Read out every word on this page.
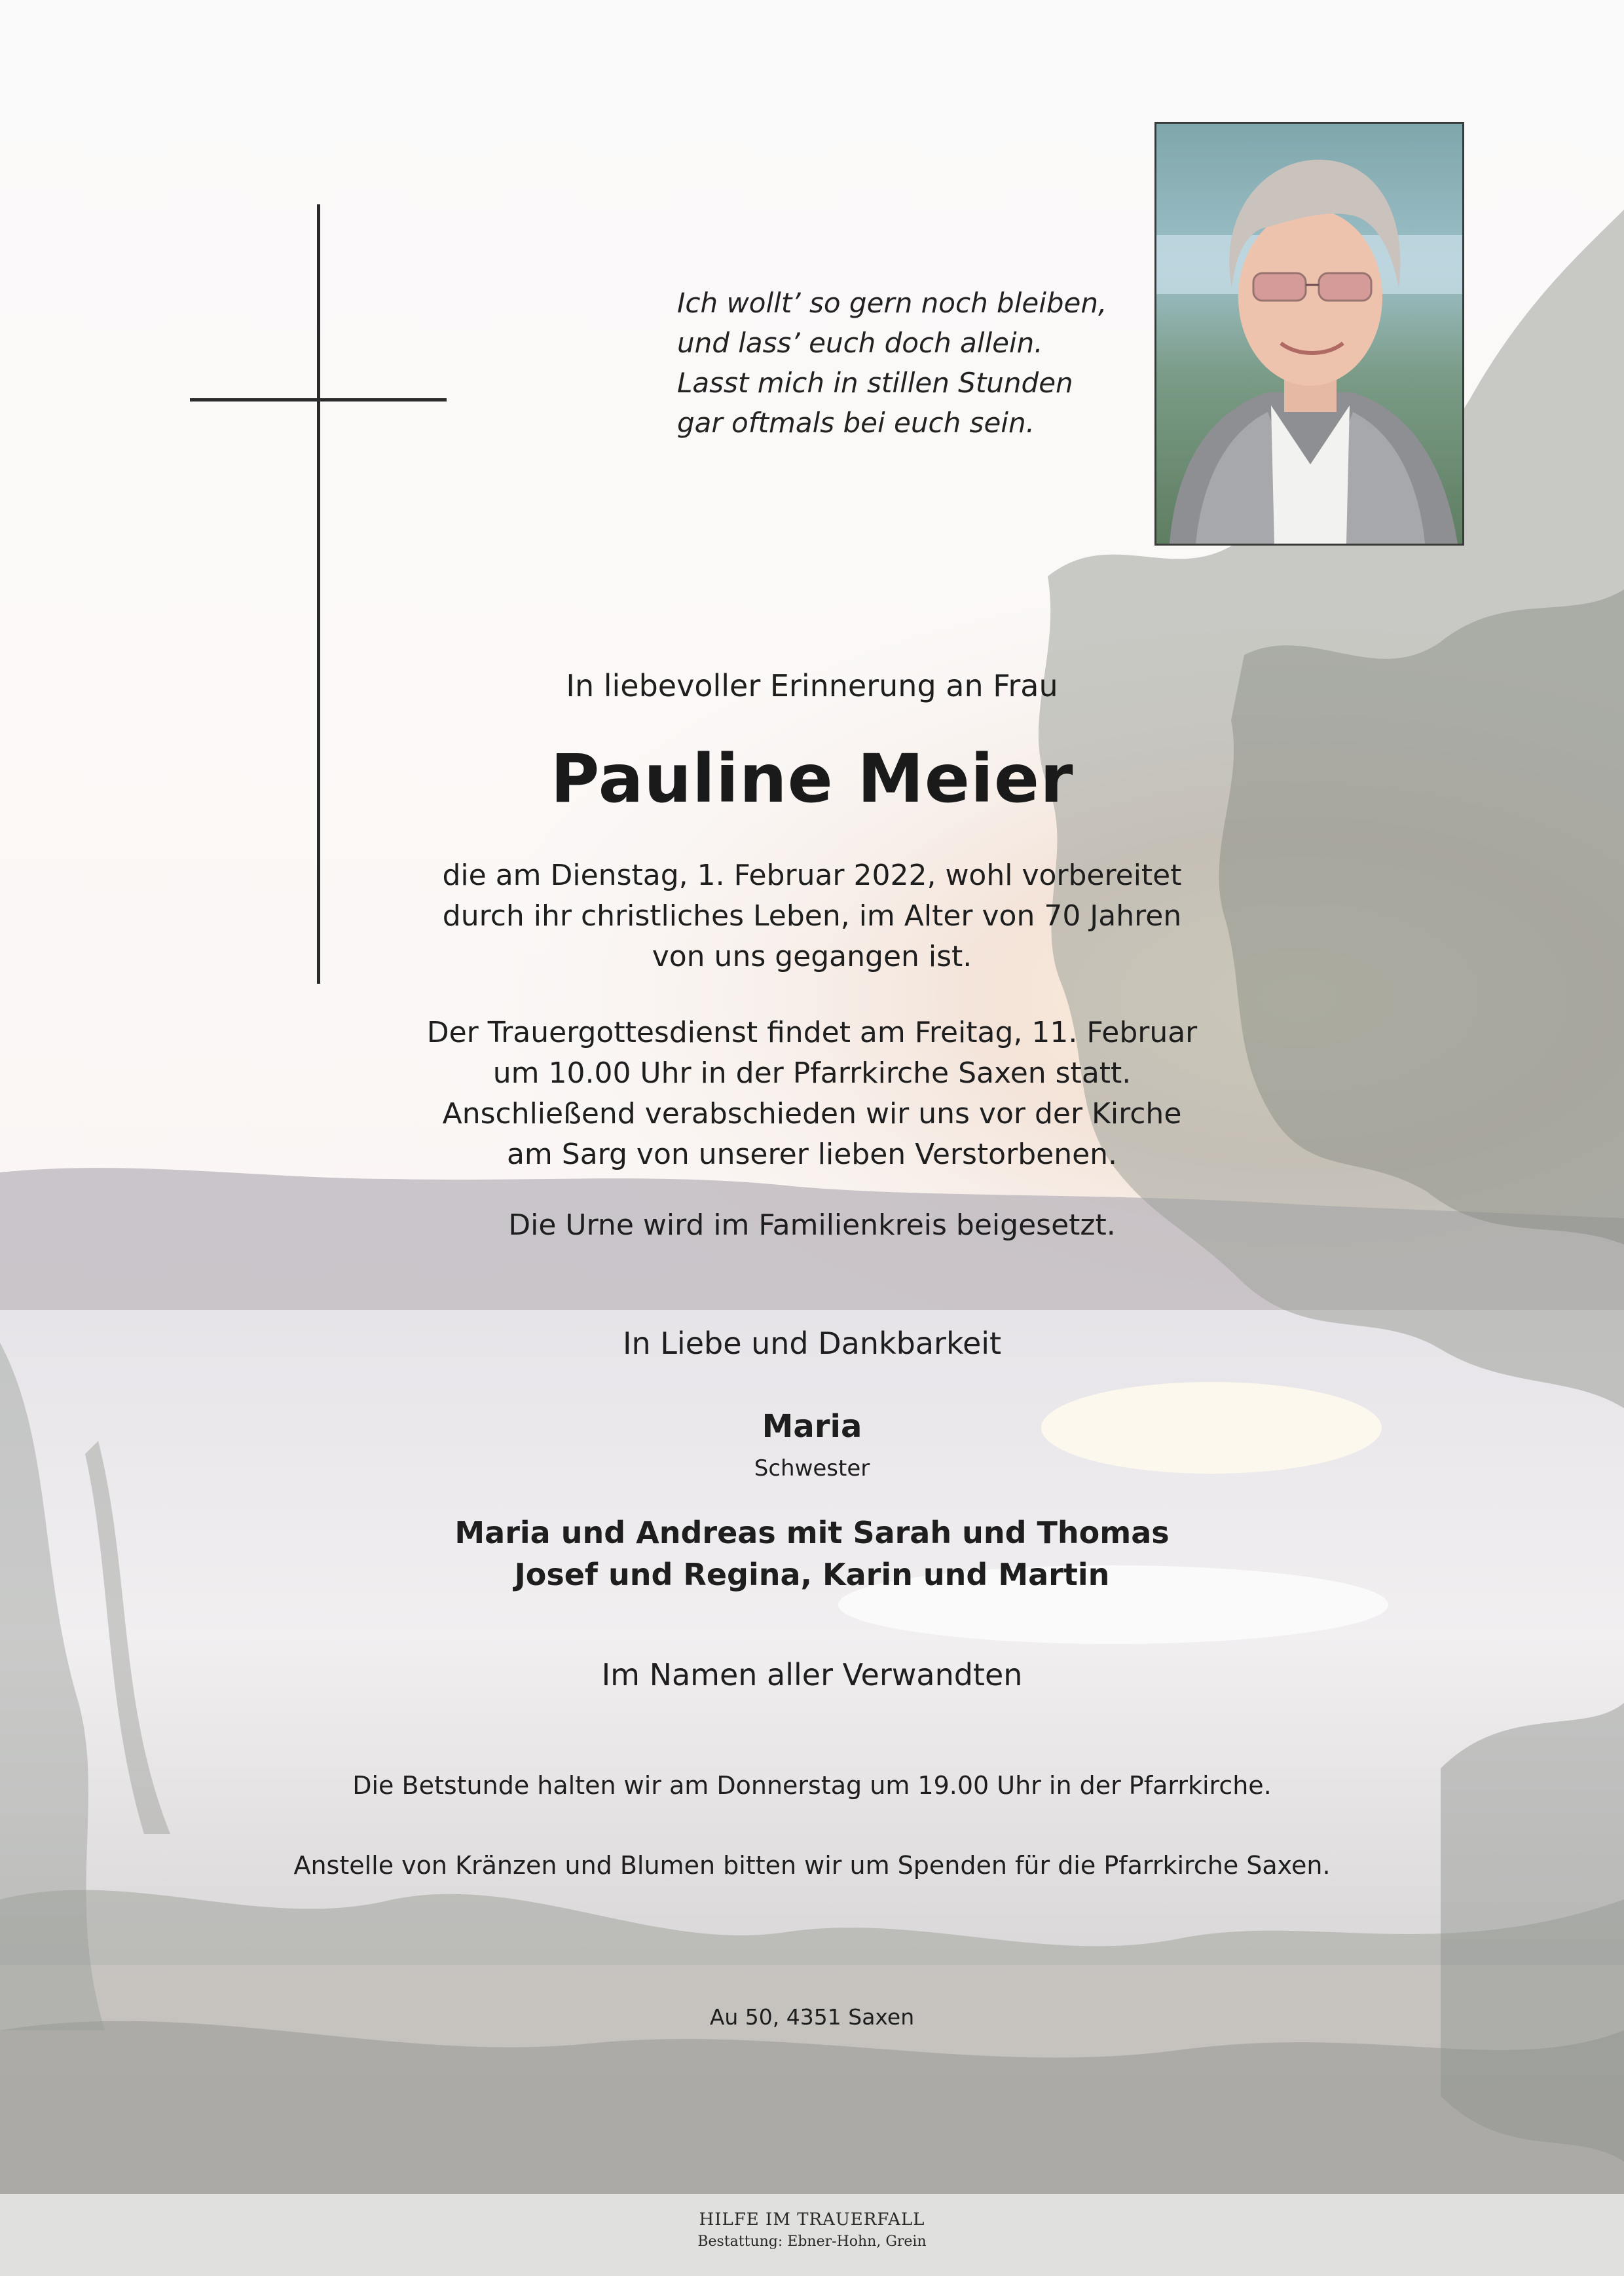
Ich wollt’ so gern noch bleiben,
und lass’ euch doch allein.
Lasst mich in stillen Stunden
gar oftmals bei euch sein.
In liebevoller Erinnerung an Frau
Pauline Meier
die am Dienstag, 1. Februar 2022, wohl vorbereitet
durch ihr christliches Leben, im Alter von 70 Jahren
von uns gegangen ist.
Der Trauergottesdienst findet am Freitag, 11. Februar
um 10.00 Uhr in der Pfarrkirche Saxen statt.
Anschließend verabschieden wir uns vor der Kirche
am Sarg von unserer lieben Verstorbenen.
Die Urne wird im Familienkreis beigesetzt.
In Liebe und Dankbarkeit
Maria
Schwester
Maria und Andreas mit Sarah und Thomas
Josef und Regina, Karin und Martin
Im Namen aller Verwandten
Die Betstunde halten wir am Donnerstag um 19.00 Uhr in der Pfarrkirche.
Anstelle von Kränzen und Blumen bitten wir um Spenden für die Pfarrkirche Saxen.
Au 50, 4351 Saxen
HILFE IM TRAUERFALL
Bestattung: Ebner-Hohn, Grein
